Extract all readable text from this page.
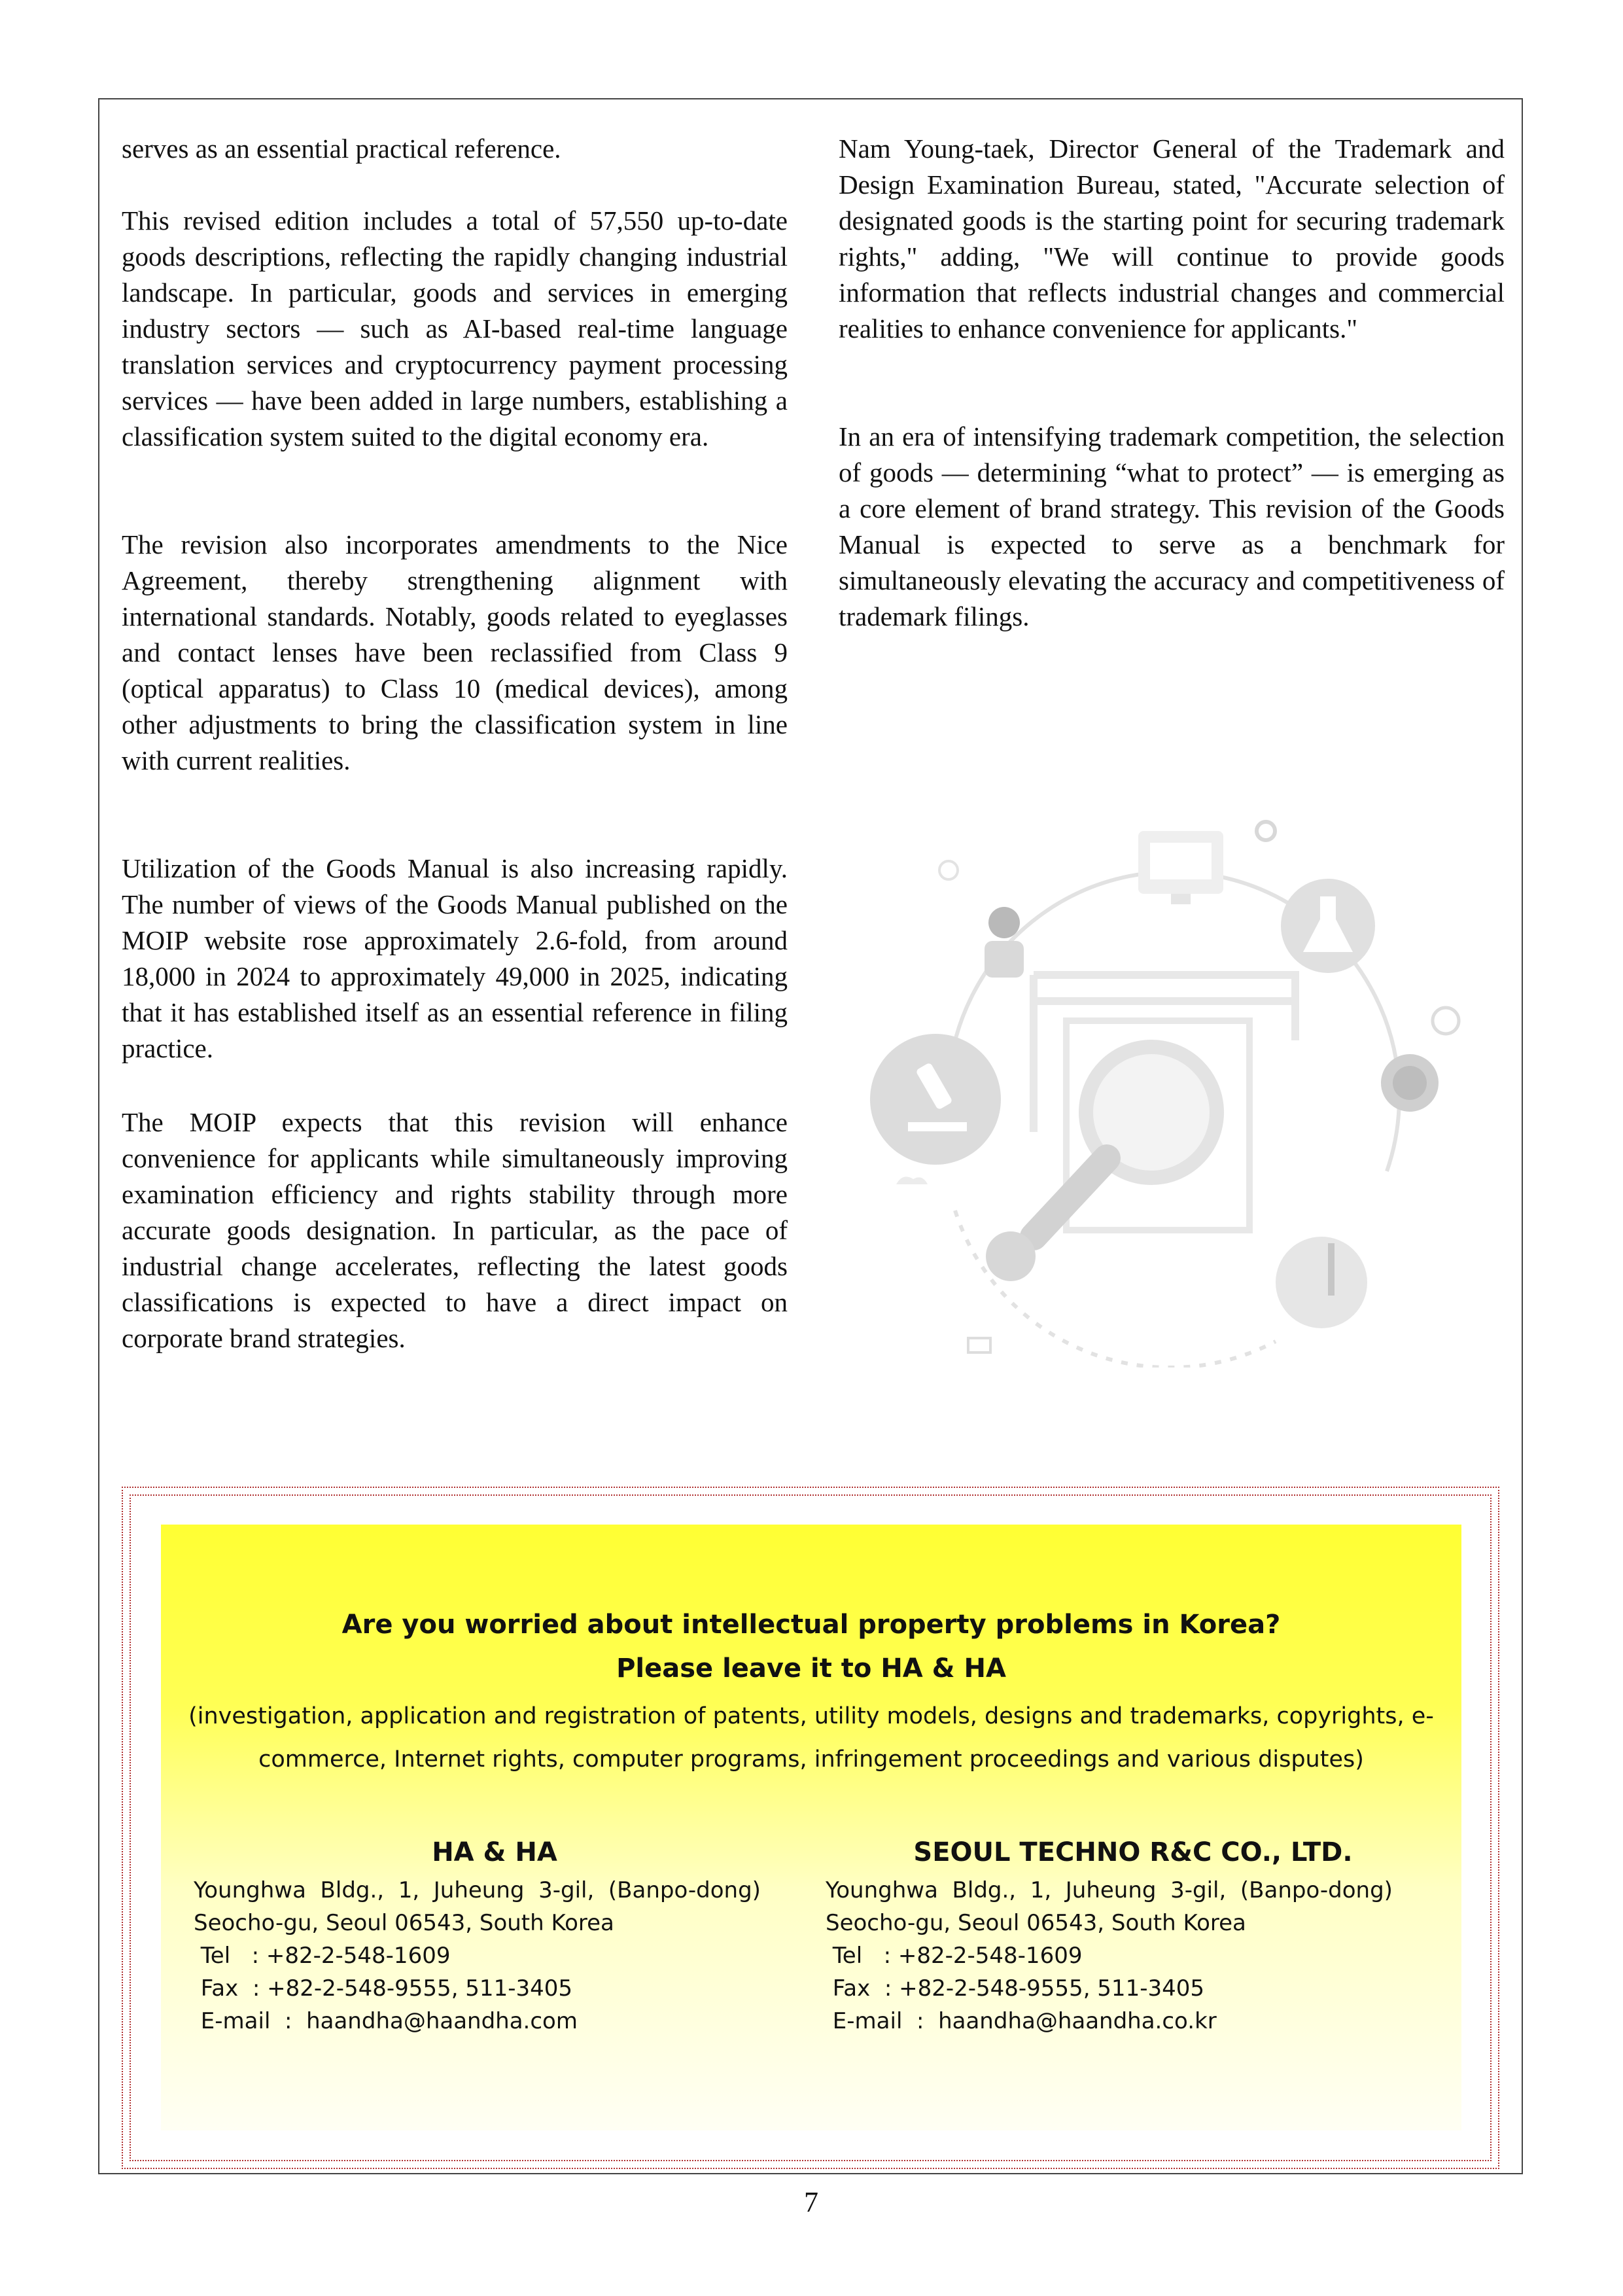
serves as an essential practical reference.

This revised edition includes a total of 57,550 up-to-date goods descriptions, reflecting the rapidly changing industrial landscape. In particular, goods and services in emerging industry sectors — such as AI-based real-time language translation services and cryptocurrency payment processing services — have been added in large numbers, establishing a classification system suited to the digital economy era.

The revision also incorporates amendments to the Nice Agreement, thereby strengthening alignment with international standards. Notably, goods related to eyeglasses and contact lenses have been reclassified from Class 9 (optical apparatus) to Class 10 (medical devices), among other adjustments to bring the classification system in line with current realities.

Utilization of the Goods Manual is also increasing rapidly. The number of views of the Goods Manual published on the MOIP website rose approximately 2.6-fold, from around 18,000 in 2024 to approximately 49,000 in 2025, indicating that it has established itself as an essential reference in filing practice.

The MOIP expects that this revision will enhance convenience for applicants while simultaneously improving examination efficiency and rights stability through more accurate goods designation. In particular, as the pace of industrial change accelerates, reflecting the latest goods classifications is expected to have a direct impact on corporate brand strategies.

Nam Young-taek, Director General of the Trademark and Design Examination Bureau, stated, "Accurate selection of designated goods is the starting point for securing trademark rights," adding, "We will continue to provide goods information that reflects industrial changes and commercial realities to enhance convenience for applicants."

In an era of intensifying trademark competition, the selection of goods — determining “what to protect” — is emerging as a core element of brand strategy. This revision of the Goods Manual is expected to serve as a benchmark for simultaneously elevating the accuracy and competitiveness of trademark filings.

Are you worried about intellectual property problems in Korea?
Please leave it to HA & HA
(investigation, application and registration of patents, utility models, designs and trademarks, copyrights, e-
commerce, Internet rights, computer programs, infringement proceedings and various disputes)
HA & HA
Younghwa  Bldg.,  1,  Juheung  3-gil,  (Banpo-dong)
Seocho-gu, Seoul 06543, South Korea
Tel   : +82-2-548-1609
Fax  : +82-2-548-9555, 511-3405
E-mail  :  haandha@haandha.com
SEOUL TECHNO R&C CO., LTD.
Younghwa  Bldg.,  1,  Juheung  3-gil,  (Banpo-dong)
Seocho-gu, Seoul 06543, South Korea
Tel   : +82-2-548-1609
Fax  : +82-2-548-9555, 511-3405
E-mail  :  haandha@haandha.co.kr
7
